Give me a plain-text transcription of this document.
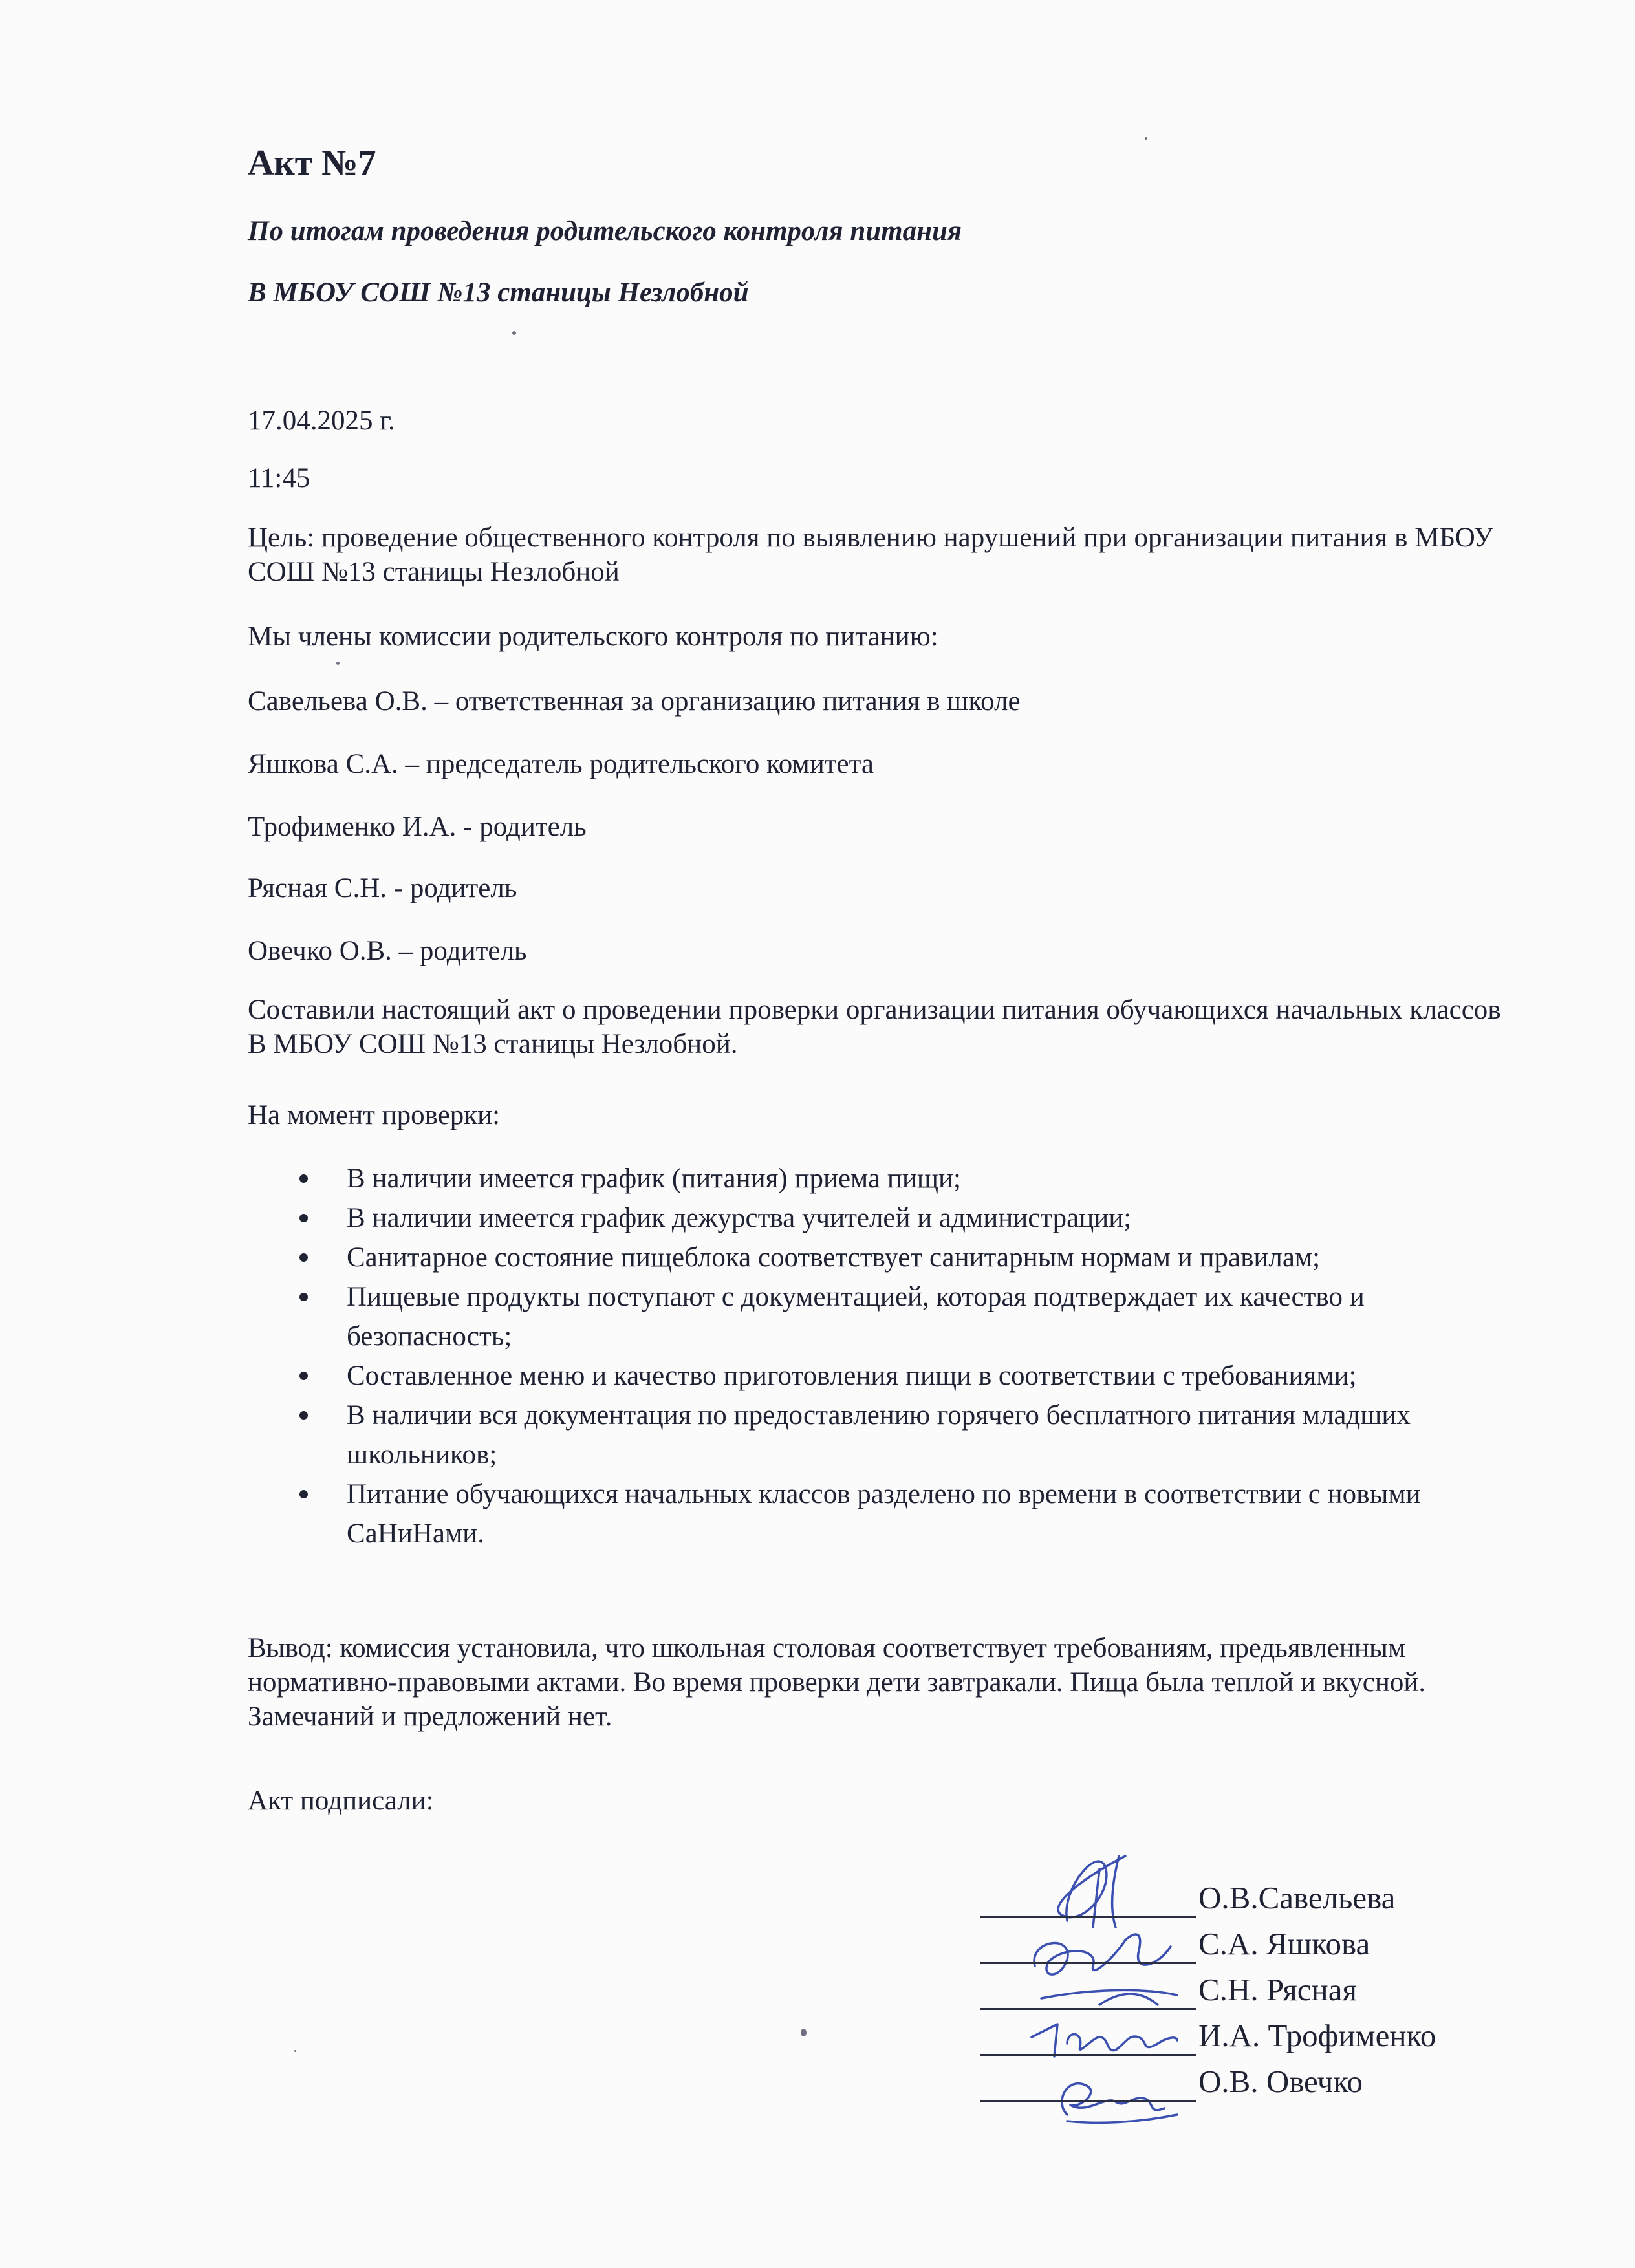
Акт №7

По итогам проведения родительского контроля питания

В МБОУ СОШ №13 станицы Незлобной

17.04.2025 г.

11:45

Цель: проведение общественного контроля по выявлению нарушений при организации питания в МБОУ СОШ №13 станицы Незлобной

Мы члены комиссии родительского контроля по питанию:

Савельева О.В. – ответственная за организацию питания в школе

Яшкова С.А. – председатель родительского комитета

Трофименко И.А. - родитель

Рясная С.Н. - родитель

Овечко О.В. – родитель

Составили настоящий акт о проведении проверки организации питания обучающихся начальных классов В МБОУ СОШ №13 станицы Незлобной.

На момент проверки:

В наличии имеется график (питания) приема пищи;
В наличии имеется график дежурства учителей и администрации;
Санитарное состояние пищеблока соответствует санитарным нормам и правилам;
Пищевые продукты поступают с документацией, которая подтверждает их качество и безопасность;
Составленное меню и качество приготовления пищи в соответствии с требованиями;
В наличии вся документация по предоставлению горячего бесплатного питания младших школьников;
Питание обучающихся начальных классов разделено по времени в соответствии с новыми СаНиНами.

Вывод: комиссия установила, что школьная столовая соответствует требованиям, предьявленным нормативно-правовыми актами. Во время проверки дети завтракали. Пища была теплой и вкусной. Замечаний и предложений нет.

Акт подписали:

О.В.Савельева
С.А. Яшкова
С.Н. Рясная
И.А. Трофименко
О.В. Овечко
